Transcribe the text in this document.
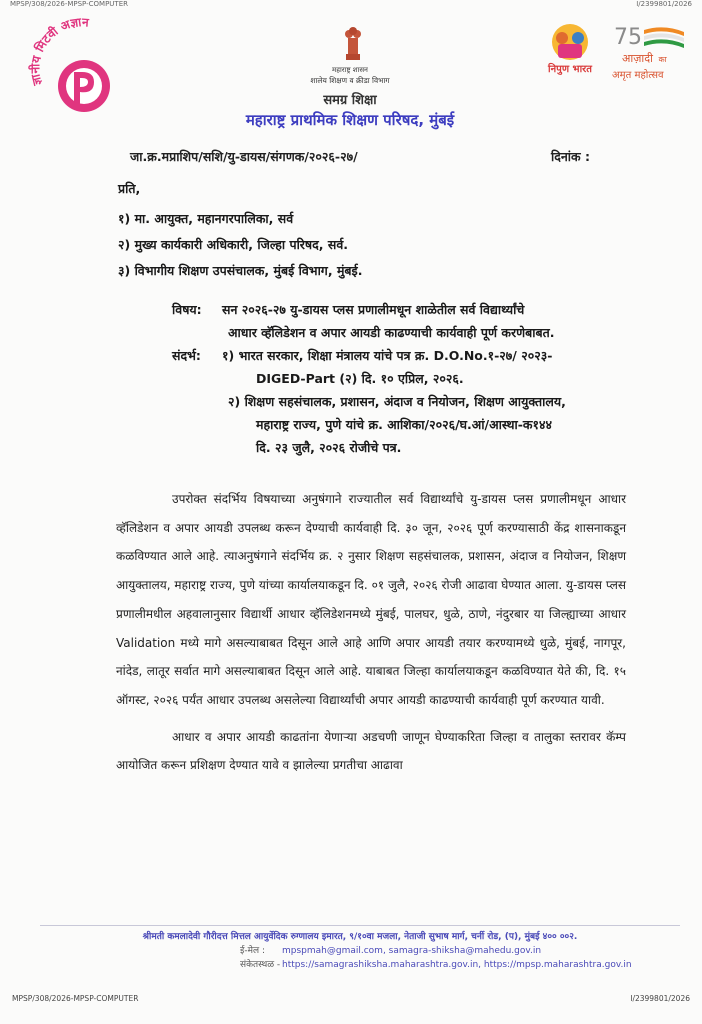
MPSP/308/2026-MPSP-COMPUTER	I/2399801/2026
ज्ञानीय मिटवी अज्ञान
निपुण भारत
75
आज़ादी का
अमृत महोत्सव
महाराष्ट्र शासन
शालेय शिक्षण व क्रीडा विभाग
समग्र शिक्षा
महाराष्ट्र प्राथमिक शिक्षण परिषद, मुंबई
जा.क्र.मप्राशिप/सशि/यु-डायस/संगणक/२०२६-२७/	दिनांक :
प्रति,
१) मा. आयुक्त, महानगरपालिका, सर्व
२) मुख्य कार्यकारी अधिकारी, जिल्हा परिषद, सर्व.
३) विभागीय शिक्षण उपसंचालक, मुंबई विभाग, मुंबई.
विषय: सन २०२६-२७ यु-डायस प्लस प्रणालीमधून शाळेतील सर्व विद्यार्थ्यांचे
आधार व्हॅलिडेशन व अपार आयडी काढण्याची कार्यवाही पूर्ण करणेबाबत.
संदर्भ: १) भारत सरकार, शिक्षा मंत्रालय यांचे पत्र क्र. D.O.No.१-२७/ २०२३-
DIGED-Part (२) दि. १० एप्रिल, २०२६.
२) शिक्षण सहसंचालक, प्रशासन, अंदाज व नियोजन, शिक्षण आयुक्तालय,
महाराष्ट्र राज्य, पुणे यांचे क्र. आशिका/२०२६/घ.आं/आस्था-क१४४
दि. २३ जुलै, २०२६ रोजीचे पत्र.

उपरोक्त संदर्भिय विषयाच्या अनुषंगाने राज्यातील सर्व विद्यार्थ्यांचे यु-डायस प्लस प्रणालीमधून आधार व्हॅलिडेशन व अपार आयडी उपलब्ध करून देण्याची कार्यवाही दि. ३० जून, २०२६ पूर्ण करण्यासाठी केंद्र शासनाकडून कळविण्यात आले आहे. त्याअनुषंगाने संदर्भिय क्र. २ नुसार शिक्षण सहसंचालक, प्रशासन, अंदाज व नियोजन, शिक्षण आयुक्तालय, महाराष्ट्र राज्य, पुणे यांच्या कार्यालयाकडून दि. ०१ जुलै, २०२६ रोजी आढावा घेण्यात आला. यु-डायस प्लस प्रणालीमधील अहवालानुसार विद्यार्थी आधार व्हॅलिडेशनमध्ये मुंबई, पालघर, धुळे, ठाणे, नंदुरबार या जिल्ह्याच्या आधार Validation मध्ये मागे असल्याबाबत दिसून आले आहे आणि अपार आयडी तयार करण्यामध्ये धुळे, मुंबई, नागपूर, नांदेड, लातूर सर्वात मागे असल्याबाबत दिसून आले आहे. याबाबत जिल्हा कार्यालयाकडून कळविण्यात येते की, दि. १५ ऑगस्ट, २०२६ पर्यंत आधार उपलब्ध असलेल्या विद्यार्थ्यांची अपार आयडी काढण्याची कार्यवाही पूर्ण करण्यात यावी.

आधार व अपार आयडी काढतांना येणाऱ्या अडचणी जाणून घेण्याकरिता जिल्हा व तालुका स्तरावर कॅम्प आयोजित करून प्रशिक्षण देण्यात यावे व झालेल्या प्रगतीचा आढावा

श्रीमती कमलादेवी गौरीदत्त मित्तल आयुर्वेदिक रुग्णालय इमारत, ९/१०वा मजला, नेताजी सुभाष मार्ग, चर्नी रोड, (प), मुंबई ४०० ००२.
ई-मेल : mpspmah@gmail.com, samagra-shiksha@mahedu.gov.in
संकेतस्थळ - https://samagrashiksha.maharashtra.gov.in, https://mpsp.maharashtra.gov.in
MPSP/308/2026-MPSP-COMPUTER	I/2399801/2026
